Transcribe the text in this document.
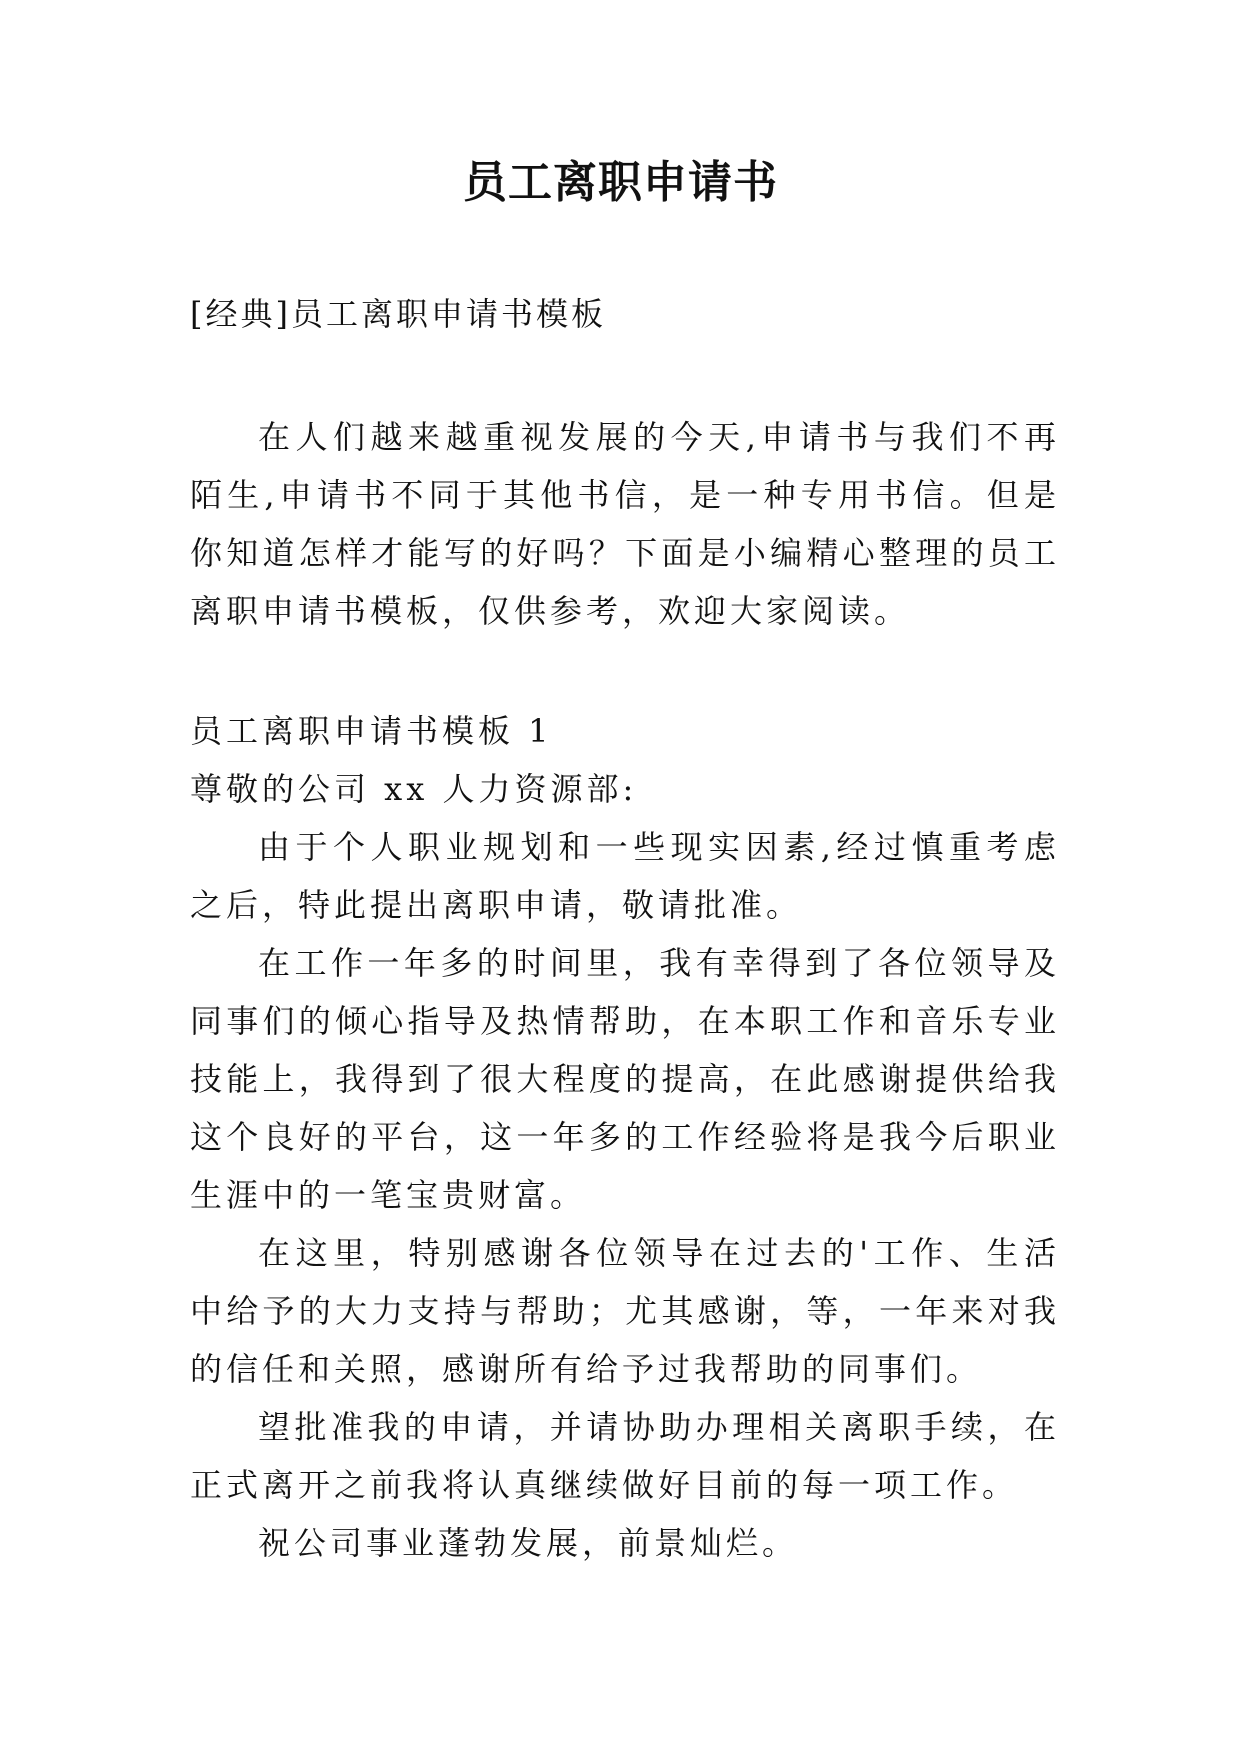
员工离职申请书
[经典]员工离职申请书模板

在人们越来越重视发展的今天,申请书与我们不再陌生,申请书不同于其他书信，是一种专用书信。但是你知道怎样才能写的好吗？下面是小编精心整理的员工离职申请书模板，仅供参考，欢迎大家阅读。

员工离职申请书模板 1

尊敬的公司 xx 人力资源部:

由于个人职业规划和一些现实因素,经过慎重考虑之后，特此提出离职申请，敬请批准。

在工作一年多的时间里，我有幸得到了各位领导及同事们的倾心指导及热情帮助，在本职工作和音乐专业技能上，我得到了很大程度的提高，在此感谢提供给我这个良好的平台，这一年多的工作经验将是我今后职业生涯中的一笔宝贵财富。

在这里，特别感谢各位领导在过去的'工作、生活中给予的大力支持与帮助；尤其感谢，等，一年来对我的信任和关照，感谢所有给予过我帮助的同事们。

望批准我的申请，并请协助办理相关离职手续，在正式离开之前我将认真继续做好目前的每一项工作。

祝公司事业蓬勃发展，前景灿烂。
